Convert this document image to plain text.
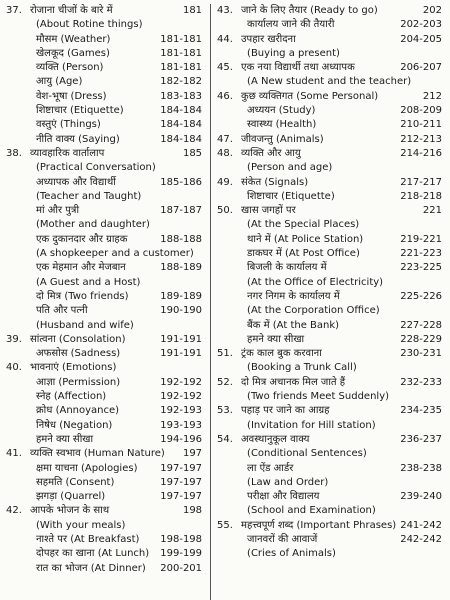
37. रोजाना चीजों के बारे में	181
(About Rotine things)
मौसम (Weather)	181-181
खेलकूद (Games)	181-181
व्यक्ति (Person)	181-181
आयु (Age)	182-182
वेश-भूषा (Dress)	183-183
शिष्टाचार (Etiquette)	184-184
वस्तुएं (Things)	184-184
नीति वाक्य (Saying)	184-184
38. व्यावहारिक वार्तालाप	185
(Practical Conversation)
अध्यापक और विद्यार्थी	185-186
(Teacher and Taught)
मां और पुत्री	187-187
(Mother and daughter)
एक दुकानदार और ग्राहक	188-188
(A shopkeeper and a customer)
एक मेहमान और मेजबान	188-189
(A Guest and a Host)
दो मित्र (Two friends)	189-189
पति और पत्नी	190-190
(Husband and wife)
39. सांत्वना (Consolation)	191-191
अफसोस (Sadness)	191-191
40. भावनाएं (Emotions)
आज्ञा (Permission)	192-192
स्नेह (Affection)	192-192
क्रोध (Annoyance)	192-193
निषेध (Negation)	193-193
हमने क्या सीखा	194-196
41. व्यक्ति स्वभाव (Human Nature)	197
क्षमा याचना (Apologies)	197-197
सहमति (Consent)	197-197
झगड़ा (Quarrel)	197-197
42. आपके भोजन के साथ	198
(With your meals)
नाश्ते पर (At Breakfast)	198-198
दोपहर का खाना (At Lunch)	199-199
रात का भोजन (At Dinner)	200-201
43. जाने के लिए तैयार (Ready to go)	202
कार्यालय जाने की तैयारी	202-203
44. उपहार खरीदना	204-205
(Buying a present)
45. एक नया विद्यार्थी तथा अध्यापक	206-207
(A New student and the teacher)
46. कुछ व्यक्तिगत (Some Personal)	212
अध्ययन (Study)	208-209
स्वास्थ्य (Health)	210-211
47. जीवजन्तु (Animals)	212-213
48. व्यक्ति और आयु	214-216
(Person and age)
49. संकेत (Signals)	217-217
शिष्टाचार (Etiquette)	218-218
50. खास जगहों पर	221
(At the Special Places)
थाने में (At Police Station)	219-221
डाकघर में (At Post Office)	221-223
बिजली के कार्यालय में	223-225
(At the Office of Electricity)
नगर निगम के कार्यालय में	225-226
(At the Corporation Office)
बैंक में (At the Bank)	227-228
हमने क्या सीखा	228-229
51. ट्रंक काल बुक करवाना	230-231
(Booking a Trunk Call)
52. दो मित्र अचानक मिल जाते हैं	232-233
(Two friends Meet Suddenly)
53. पहाड़ पर जाने का आग्रह	234-235
(Invitation for Hill station)
54. अवस्थानुकूल वाक्य	236-237
(Conditional Sentences)
ला ऐंड आर्डर	238-238
(Law and Order)
परीक्षा और विद्यालय	239-240
(School and Examination)
55. महत्त्वपूर्ण शब्द (Important Phrases) 241-242
जानवरों की आवाजें	242-242
(Cries of Animals)
